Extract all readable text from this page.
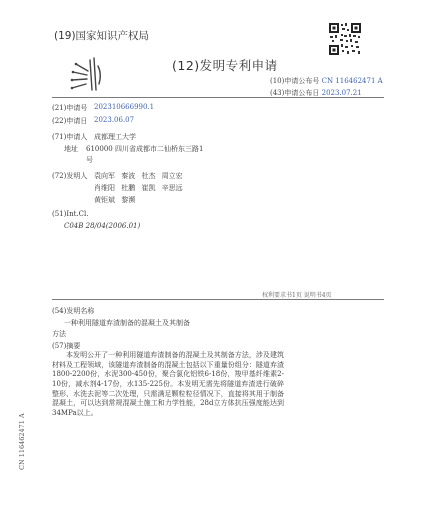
(19)国家知识产权局
(12)发明专利申请
(10)申请公布号 CN 116462471 A
(43)申请公布日 2023.07.21
(21)申请号 202310666990.1
(22)申请日 2023.06.07
(71)申请人 成都理工大学
地址 610000 四川省成都市二仙桥东三路1
号
(72)发明人 袁向军 秦波 杜杰 周立宏
肖维阳 杜鹏 崔凯 辛思远
黄钜斌 黎濒
(51)Int.Cl.
C04B 28/04(2006.01)
权利要求书1页 说明书4页
(54)发明名称
一种利用隧道弃渣制备的混凝土及其制备
方法
(57)摘要
本发明公开了一种利用隧道弃渣制备的混凝土及其制备方法，涉及建筑材料及工程领域，该隧道弃渣制备的混凝土包括以下重量份组分：隧道弃渣1800-2200份，水泥300-450份，聚合氯化铝铁6-18份，羧甲基纤维素2-10份，减水剂4-17份，水135-225份。本发明无需先将隧道弃渣进行破碎整形、水洗去泥等二次处理，只需满足颗粒粒径情况下，直接将其用于制备混凝土，可以达到常规混凝土施工和力学性能，28d立方体抗压强度能达到34MPa以上。
CN 116462471 A
